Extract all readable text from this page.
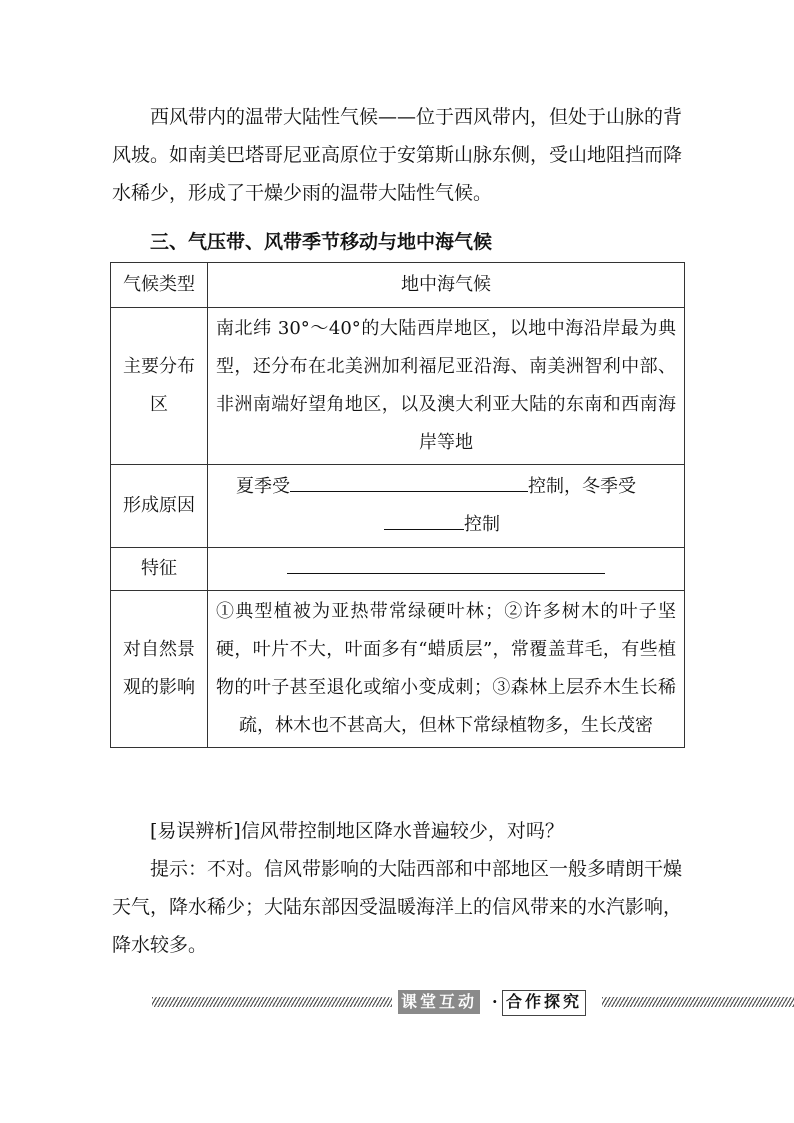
西风带内的温带大陆性气候——位于西风带内，但处于山脉的背风坡。如南美巴塔哥尼亚高原位于安第斯山脉东侧，受山地阻挡而降水稀少，形成了干燥少雨的温带大陆性气候。

三、气压带、风带季节移动与地中海气候
气候类型	地中海气候
主要分布区	南北纬 30°～40°的大陆西岸地区，以地中海沿岸最为典型，还分布在北美洲加利福尼亚沿海、南美洲智利中部、非洲南端好望角地区，以及澳大利亚大陆的东南和西南海岸等地
形成原因	夏季受 控制，冬季受
控制

特征	
对自然景观的影响	①典型植被为亚热带常绿硬叶林；②许多树木的叶子坚硬，叶片不大，叶面多有“蜡质层”，常覆盖茸毛，有些植物的叶子甚至退化或缩小变成刺；③森林上层乔木生长稀疏，林木也不甚高大，但林下常绿植物多，生长茂密

[易误辨析]信风带控制地区降水普遍较少，对吗？

提示：不对。信风带影响的大陆西部和中部地区一般多晴朗干燥天气，降水稀少；大陆东部因受温暖海洋上的信风带来的水汽影响，降水较多。

课堂互动 · 合作探究
